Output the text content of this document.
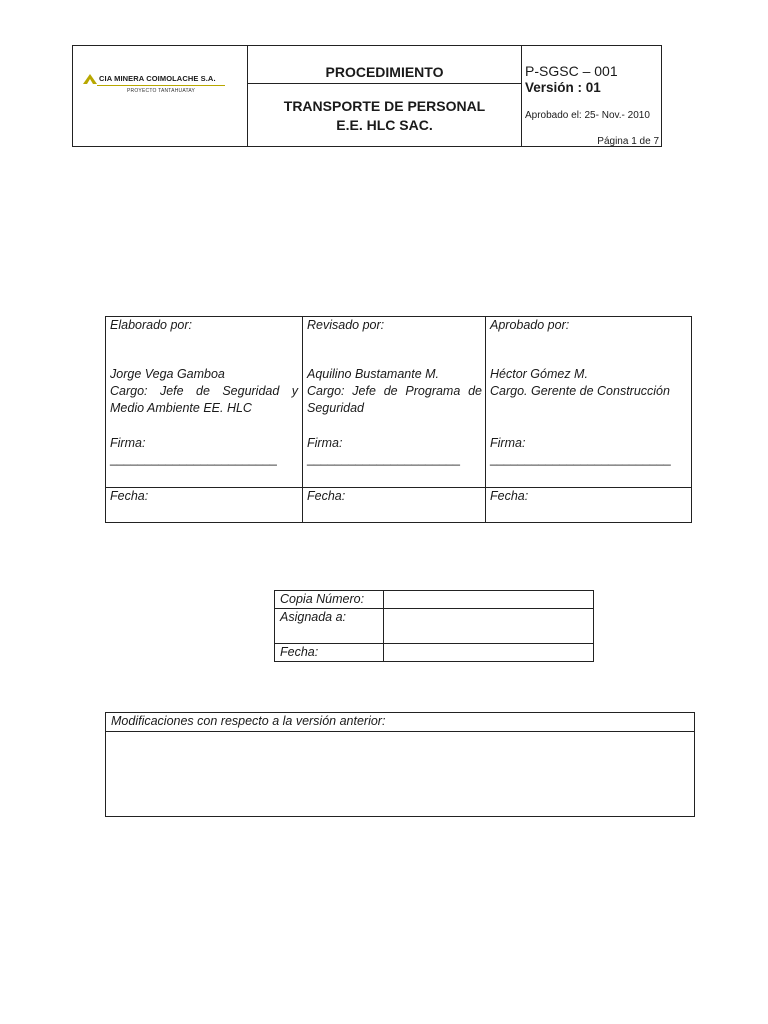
CIA MINERA COIMOLACHE S.A.
PROYECTO TANTAHUATAY
PROCEDIMIENTO
TRANSPORTE DE PERSONAL
E.E. HLC SAC.
P-SGSC – 001
Versión : 01
Aprobado el: 25- Nov.- 2010
Página 1 de 7

Elaborado por:

Jorge Vega Gamboa

Cargo: Jefe de Seguridad y Medio Ambiente EE. HLC

Firma:

________________________

Fecha:

Revisado por:

Aquilino Bustamante M.

Cargo: Jefe de Programa de Seguridad

Firma:

______________________

Fecha:

Aprobado por:

Héctor Gómez M.

Cargo. Gerente de Construcción

Firma:

__________________________

Fecha:
Copia Número:
Asignada a:
Fecha:
Modificaciones con respecto a la versión anterior:
